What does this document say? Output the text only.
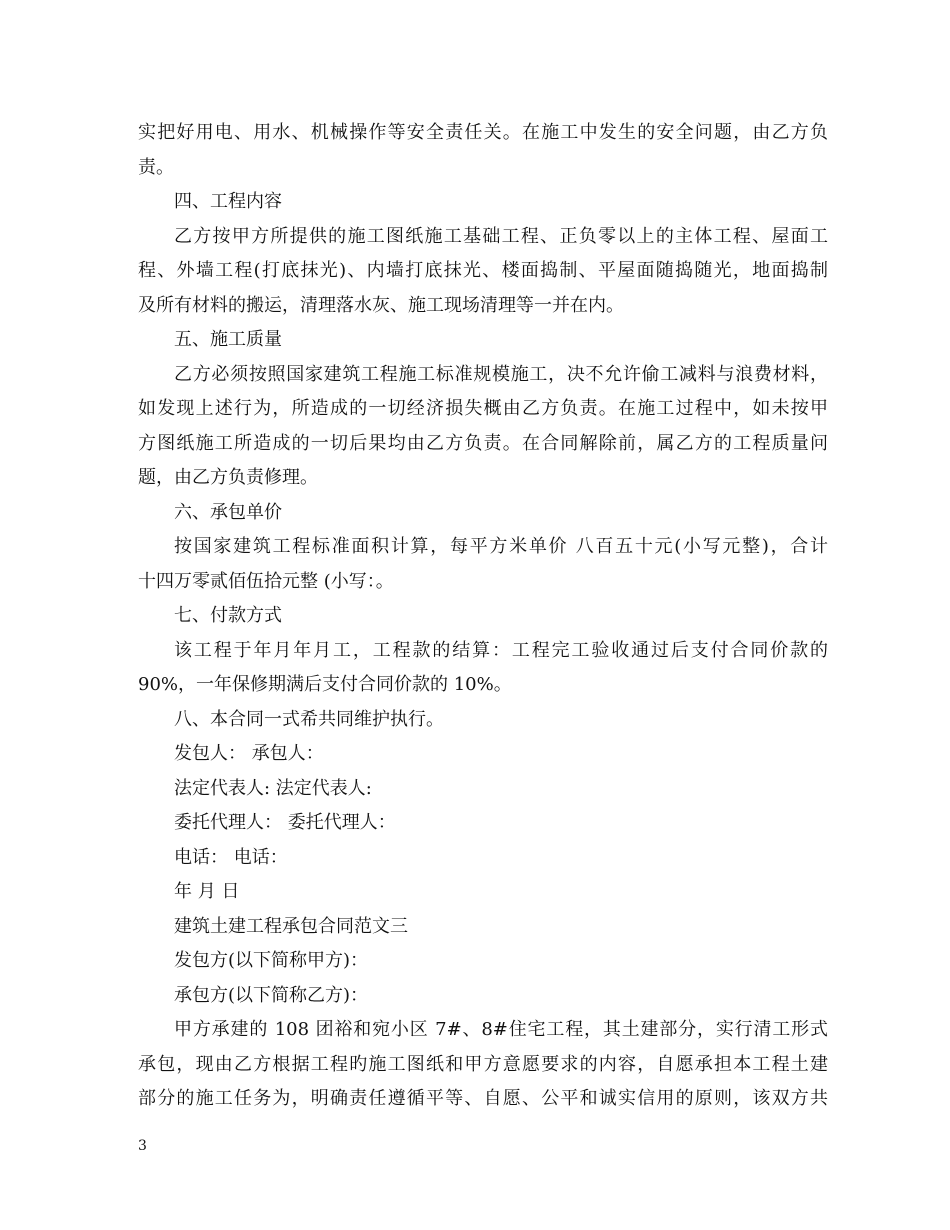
实把好用电、用水、机械操作等安全责任关。在施工中发生的安全问题，由乙方负
责。
四、工程内容
乙方按甲方所提供的施工图纸施工基础工程、正负零以上的主体工程、屋面工
程、外墙工程(打底抹光)、内墙打底抹光、楼面捣制、平屋面随捣随光，地面捣制
及所有材料的搬运，清理落水灰、施工现场清理等一并在内。
五、施工质量
乙方必须按照国家建筑工程施工标准规模施工，决不允许偷工减料与浪费材料，
如发现上述行为，所造成的一切经济损失概由乙方负责。在施工过程中，如未按甲
方图纸施工所造成的一切后果均由乙方负责。在合同解除前，属乙方的工程质量问
题，由乙方负责修理。
六、承包单价
按国家建筑工程标准面积计算，每平方米单价 八百五十元(小写元整)，合计
十四万零贰佰伍拾元整 (小写：。
七、付款方式
该工程于年月年月工，工程款的结算：工程完工验收通过后支付合同价款的
90%，一年保修期满后支付合同价款的 10%。
八、本合同一式希共同维护执行。
发包人： 承包人：
法定代表人: 法定代表人:
委托代理人： 委托代理人：
电话： 电话：
年 月 日
建筑土建工程承包合同范文三
发包方(以下简称甲方)：
承包方(以下简称乙方)：
甲方承建的 108 团裕和宛小区 7#、8#住宅工程，其土建部分，实行清工形式
承包，现由乙方根据工程旳施工图纸和甲方意愿要求的内容，自愿承担本工程土建
部分的施工任务为，明确责任遵循平等、自愿、公平和诚实信用的原则，该双方共
3
